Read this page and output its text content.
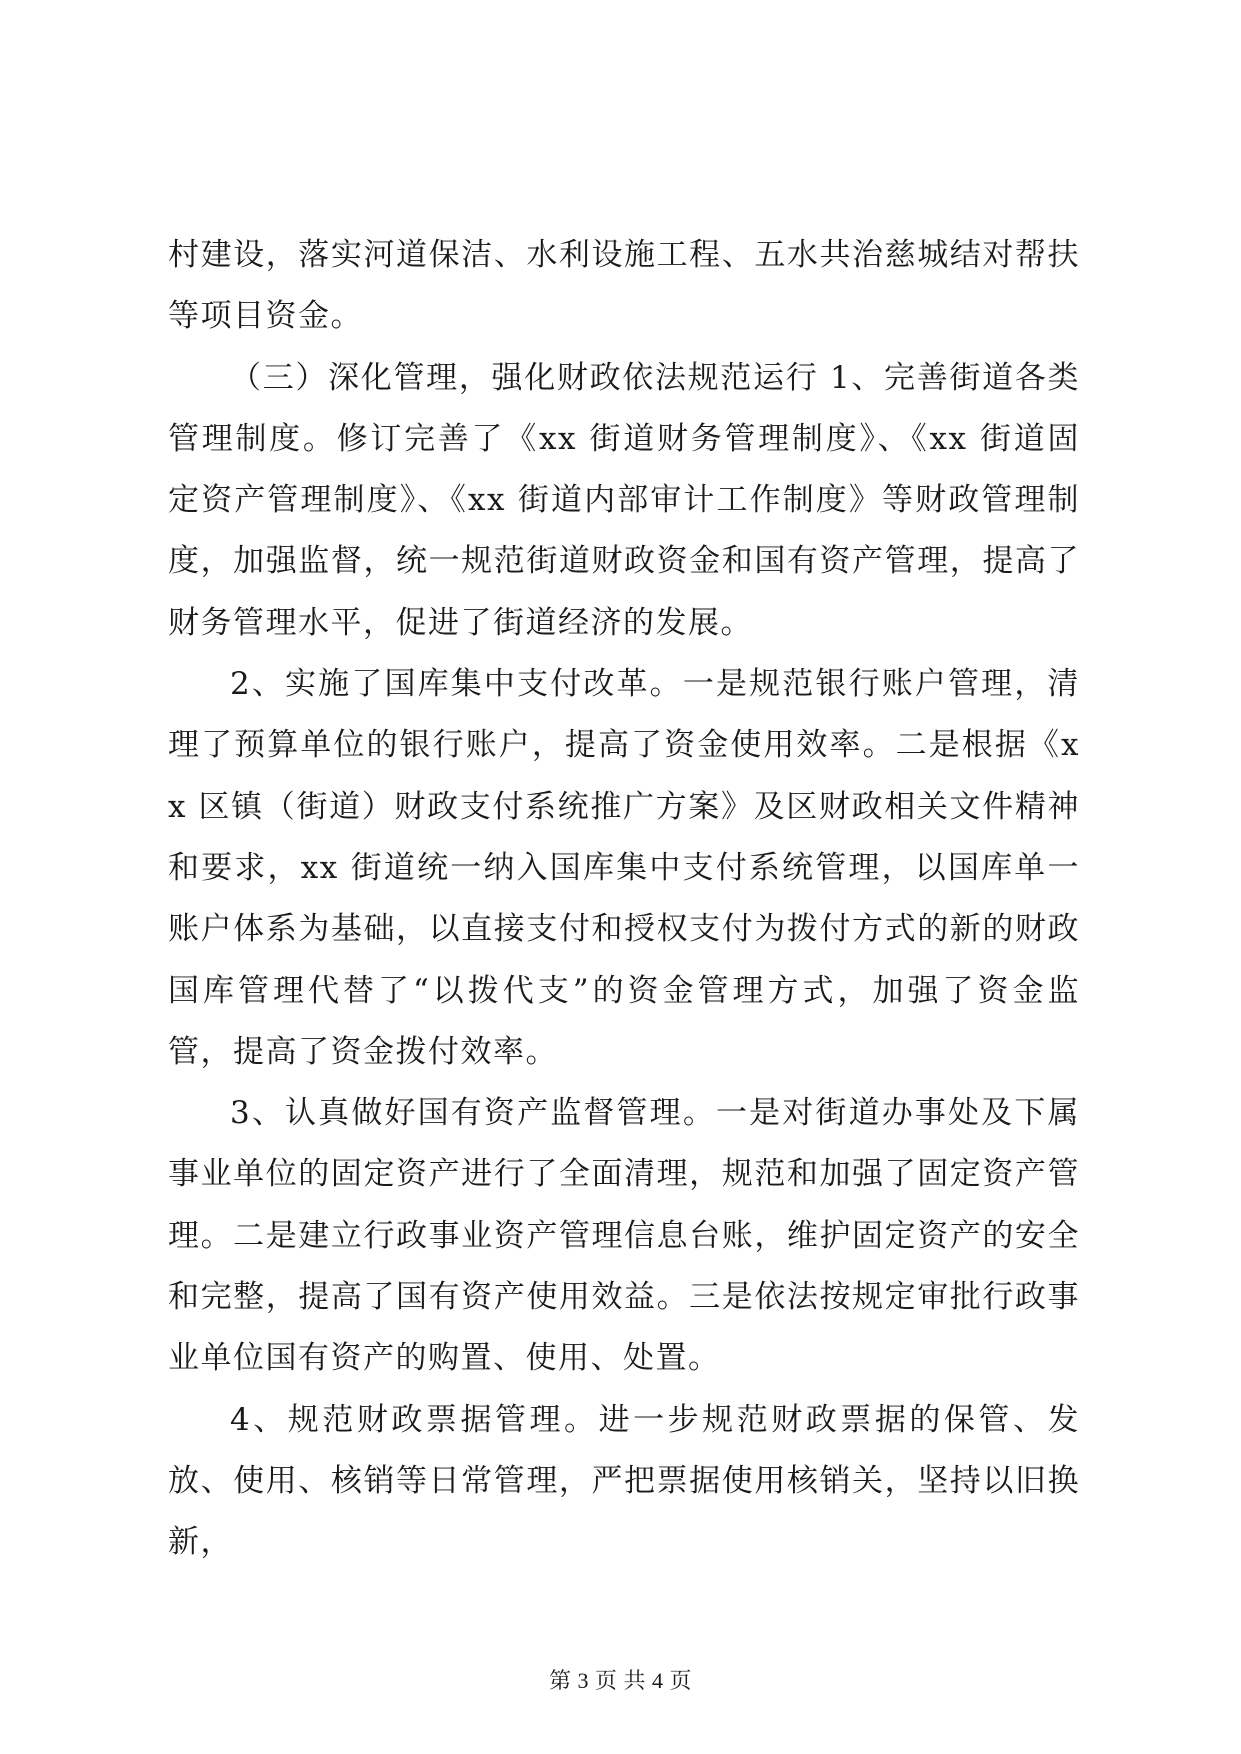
村建设，落实河道保洁、水利设施工程、五水共治慈城结对帮扶等项目资金。

（三）深化管理，强化财政依法规范运行 1、完善街道各类管理制度。修订完善了《xx 街道财务管理制度》、《xx 街道固定资产管理制度》、《xx 街道内部审计工作制度》等财政管理制度，加强监督，统一规范街道财政资金和国有资产管理，提高了财务管理水平，促进了街道经济的发展。

2、实施了国库集中支付改革。一是规范银行账户管理，清理了预算单位的银行账户，提高了资金使用效率。二是根据《xx 区镇（街道）财政支付系统推广方案》及区财政相关文件精神和要求，xx 街道统一纳入国库集中支付系统管理，以国库单一账户体系为基础，以直接支付和授权支付为拨付方式的新的财政国库管理代替了“以拨代支”的资金管理方式，加强了资金监管，提高了资金拨付效率。

3、认真做好国有资产监督管理。一是对街道办事处及下属事业单位的固定资产进行了全面清理，规范和加强了固定资产管理。二是建立行政事业资产管理信息台账，维护固定资产的安全和完整，提高了国有资产使用效益。三是依法按规定审批行政事业单位国有资产的购置、使用、处置。

4、规范财政票据管理。进一步规范财政票据的保管、发放、使用、核销等日常管理，严把票据使用核销关，坚持以旧换新，

第 3 页 共 4 页
